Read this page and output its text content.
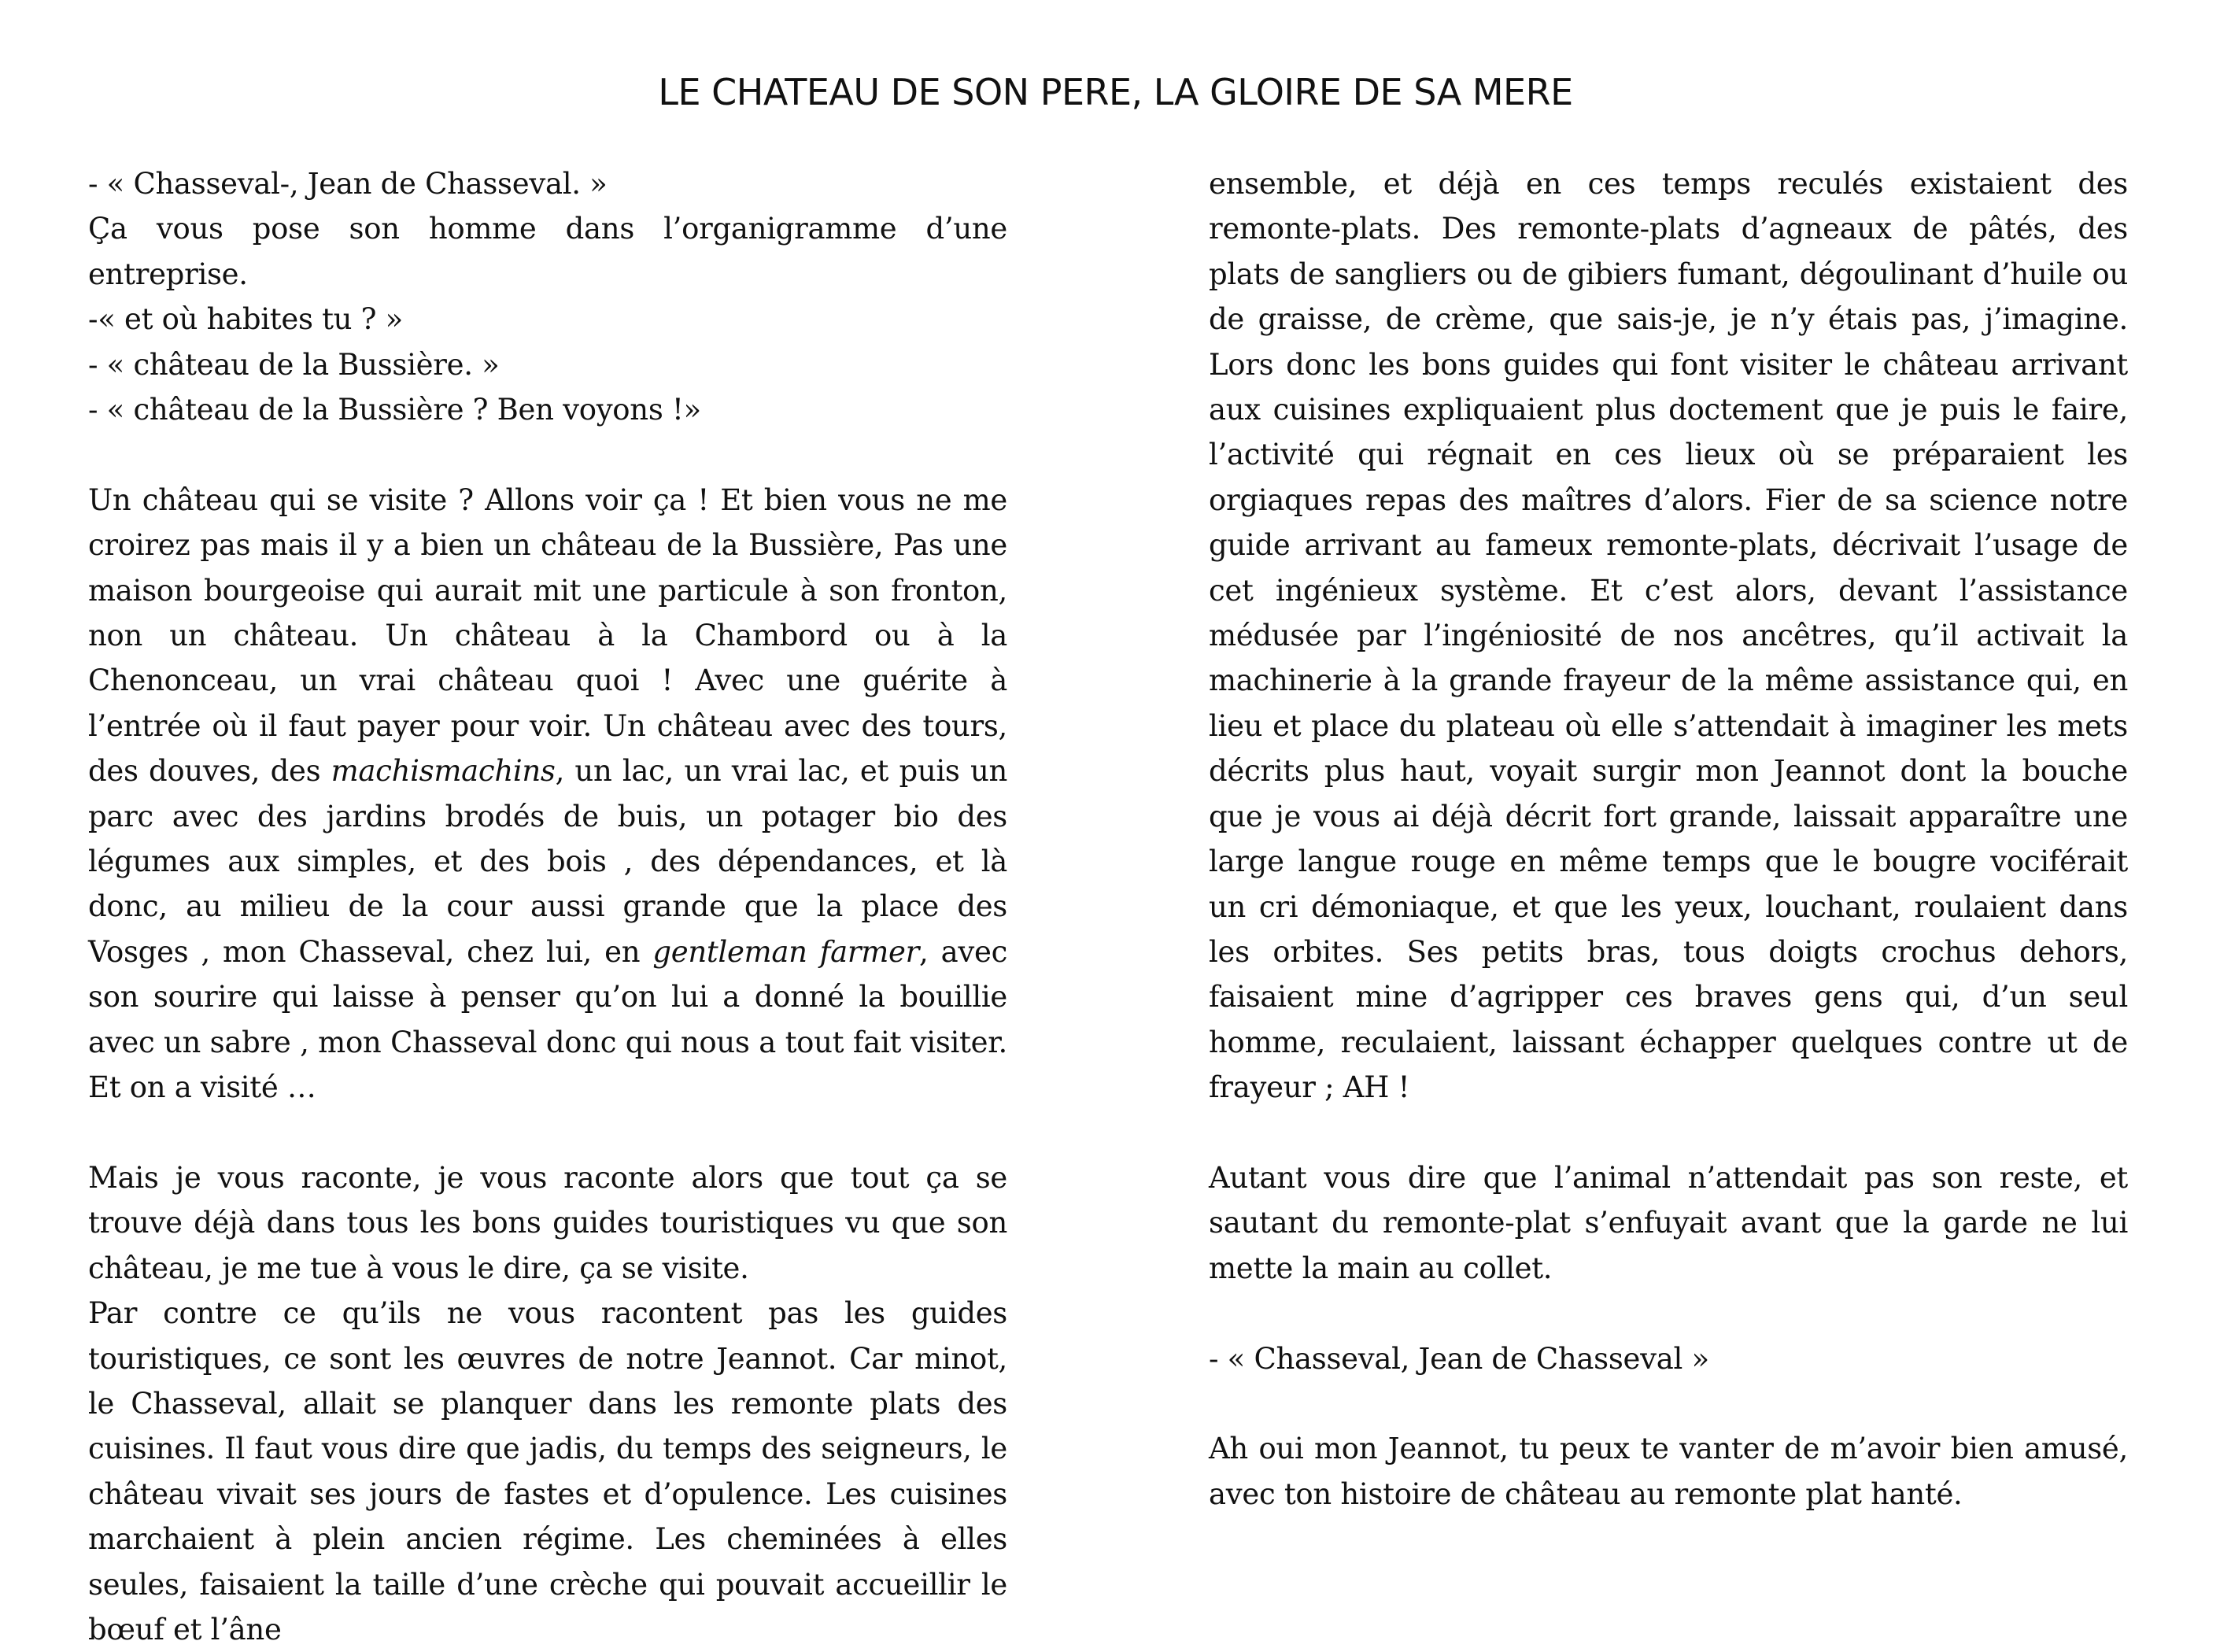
LE CHATEAU DE SON PERE, LA GLOIRE DE SA MERE

- « Chasseval-, Jean de Chasseval. »

Ça vous pose son homme dans l’organigramme d’une entreprise.

-« et où habites tu ? »

- « château de la Bussière. »

- « château de la Bussière ? Ben voyons !»

Un château qui se visite ? Allons voir ça ! Et bien vous ne me croirez pas mais il y a bien un château de la Bussière, Pas une maison bourgeoise qui aurait mit une particule à son fronton, non un château. Un château à la Chambord ou à la Chenonceau, un vrai château quoi ! Avec une guérite à l’entrée où il faut payer pour voir. Un château avec des tours, des douves, des machismachins, un lac, un vrai lac, et puis un parc avec des jardins brodés de buis, un potager bio des légumes aux simples, et des bois , des dépendances, et là donc, au milieu de la cour aussi grande que la place des Vosges , mon Chasseval, chez lui, en gentleman farmer, avec son sourire qui laisse à penser qu’on lui a donné la bouillie avec un sabre , mon Chasseval donc qui nous a tout fait visiter. Et on a visité …

Mais je vous raconte, je vous raconte alors que tout ça se trouve déjà dans tous les bons guides touristiques vu que son château, je me tue à vous le dire, ça se visite.

Par contre ce qu’ils ne vous racontent pas les guides touristiques, ce sont les œuvres de notre Jeannot. Car minot, le Chasseval, allait se planquer dans les remonte plats des cuisines. Il faut vous dire que jadis, du temps des seigneurs, le château vivait ses jours de fastes et d’opulence. Les cuisines marchaient à plein ancien régime. Les cheminées à elles seules, faisaient la taille d’une crèche qui pouvait accueillir le bœuf et l’âne

ensemble, et déjà en ces temps reculés existaient des remonte-plats. Des remonte-plats d’agneaux de pâtés, des plats de sangliers ou de gibiers fumant, dégoulinant d’huile ou de graisse, de crème, que sais-je, je n’y étais pas, j’imagine. Lors donc les bons guides qui font visiter le château arrivant aux cuisines expliquaient plus doctement que je puis le faire, l’activité qui régnait en ces lieux où se préparaient les orgiaques repas des maîtres d’alors. Fier de sa science notre guide arrivant au fameux remonte-plats, décrivait l’usage de cet ingénieux système. Et c’est alors, devant l’assistance médusée par l’ingéniosité de nos ancêtres, qu’il activait la machinerie à la grande frayeur de la même assistance qui, en lieu et place du plateau où elle s’attendait à imaginer les mets décrits plus haut, voyait surgir mon Jeannot dont la bouche que je vous ai déjà décrit fort grande, laissait apparaître une large langue rouge en même temps que le bougre vociférait un cri démoniaque, et que les yeux, louchant, roulaient dans les orbites. Ses petits bras, tous doigts crochus dehors, faisaient mine d’agripper ces braves gens qui, d’un seul homme, reculaient, laissant échapper quelques contre ut de frayeur ; AH !

Autant vous dire que l’animal n’attendait pas son reste, et sautant du remonte-plat s’enfuyait avant que la garde ne lui mette la main au collet.

- « Chasseval, Jean de Chasseval »

Ah oui mon Jeannot, tu peux te vanter de m’avoir bien amusé, avec ton histoire de château au remonte plat hanté.
